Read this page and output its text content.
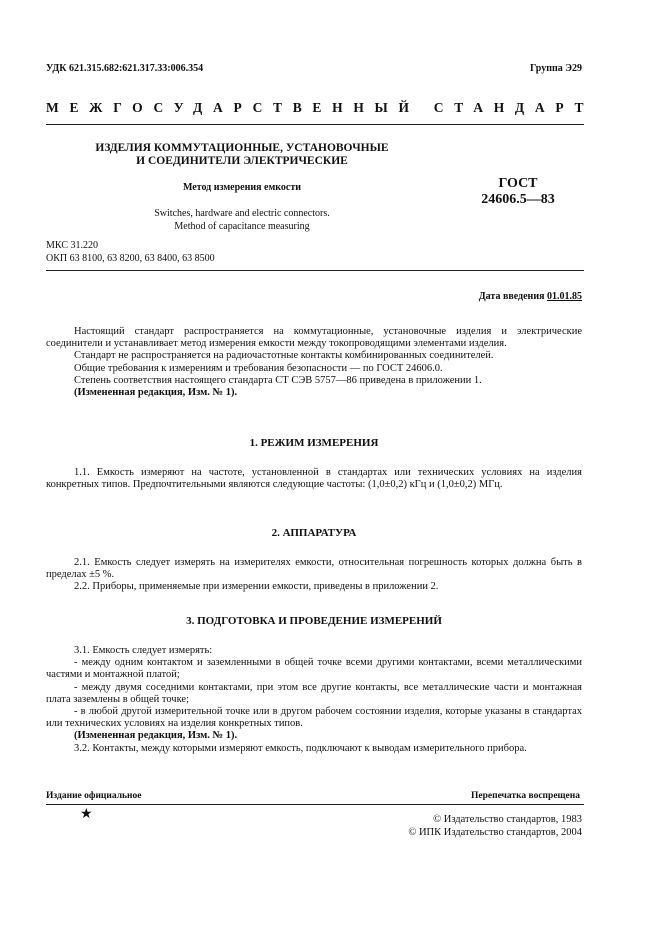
УДК 621.315.682:621.317.33:006.354	Группа Э29
МЕЖГОСУДАРСТВЕННЫЙ СТАНДАРТ
ИЗДЕЛИЯ КОММУТАЦИОННЫЕ, УСТАНОВОЧНЫЕ
И СОЕДИНИТЕЛИ ЭЛЕКТРИЧЕСКИЕ
Метод измерения емкости	ГОСТ
24606.5—83
Switches, hardware and electric connectors.
Method of capacitance measuring
МКС 31.220
ОКП 63 8100, 63 8200, 63 8400, 63 8500
Дата введения 01.01.85
Настоящий стандарт распространяется на коммутационные, установочные изделия и электрические соединители и устанавливает метод измерения емкости между токопроводящими элементами изделия.
Стандарт не распространяется на радиочастотные контакты комбинированных соединителей.
Общие требования к измерениям и требования безопасности — по ГОСТ 24606.0.
Степень соответствия настоящего стандарта СТ СЭВ 5757—86 приведена в приложении 1.
(Измененная редакция, Изм. № 1).
1. РЕЖИМ ИЗМЕРЕНИЯ
1.1. Емкость измеряют на частоте, установленной в стандартах или технических условиях на изделия конкретных типов. Предпочтительными являются следующие частоты: (1,0±0,2) кГц и (1,0±0,2) МГц.
2. АППАРАТУРА
2.1. Емкость следует измерять на измерителях емкости, относительная погрешность которых должна быть в пределах ±5 %.
2.2. Приборы, применяемые при измерении емкости, приведены в приложении 2.
3. ПОДГОТОВКА И ПРОВЕДЕНИЕ ИЗМЕРЕНИЙ
3.1. Емкость следует измерять:
- между одним контактом и заземленными в общей точке всеми другими контактами, всеми металлическими частями и монтажной платой;
- между двумя соседними контактами, при этом все другие контакты, все металлические части и монтажная плата заземлены в общей точке;
- в любой другой измерительной точке или в другом рабочем состоянии изделия, которые указаны в стандартах или технических условиях на изделия конкретных типов.
(Измененная редакция, Изм. № 1).
3.2. Контакты, между которыми измеряют емкость, подключают к выводам измерительного прибора.
Издание официальное	Перепечатка воспрещена
★	© Издательство стандартов, 1983
© ИПК Издательство стандартов, 2004
